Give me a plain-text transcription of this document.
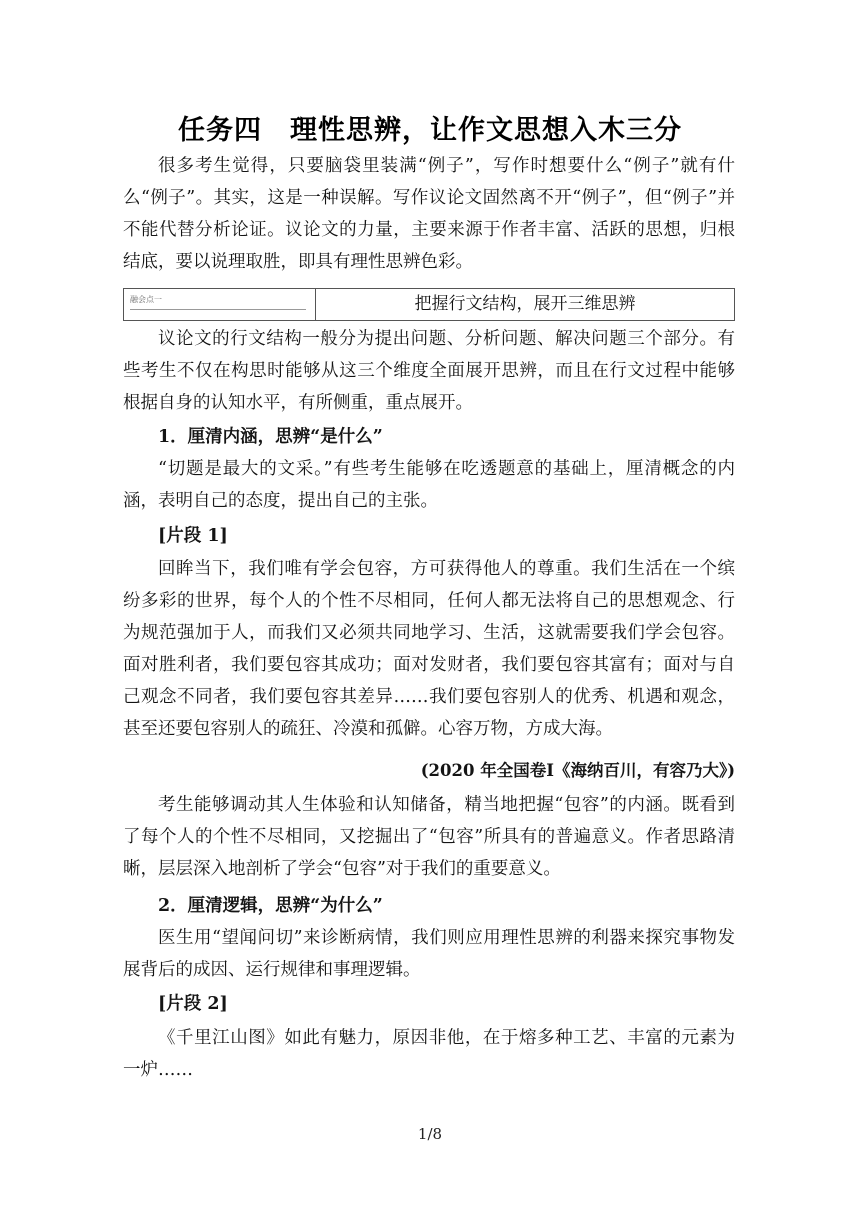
任务四　理性思辨，让作文思想入木三分

很多考生觉得，只要脑袋里装满“例子”，写作时想要什么“例子”就有什么“例子”。其实，这是一种误解。写作议论文固然离不开“例子”，但“例子”并不能代替分析论证。议论文的力量，主要来源于作者丰富、活跃的思想，归根结底，要以说理取胜，即具有理性思辨色彩。

融会点一	把握行文结构，展开三维思辨

议论文的行文结构一般分为提出问题、分析问题、解决问题三个部分。有些考生不仅在构思时能够从这三个维度全面展开思辨，而且在行文过程中能够根据自身的认知水平，有所侧重，重点展开。

1．厘清内涵，思辨“是什么”

“切题是最大的文采。”有些考生能够在吃透题意的基础上，厘清概念的内涵，表明自己的态度，提出自己的主张。

[片段 1]

回眸当下，我们唯有学会包容，方可获得他人的尊重。我们生活在一个缤纷多彩的世界，每个人的个性不尽相同，任何人都无法将自己的思想观念、行为规范强加于人，而我们又必须共同地学习、生活，这就需要我们学会包容。面对胜利者，我们要包容其成功；面对发财者，我们要包容其富有；面对与自己观念不同者，我们要包容其差异……我们要包容别人的优秀、机遇和观念，甚至还要包容别人的疏狂、冷漠和孤僻。心容万物，方成大海。

(2020 年全国卷Ⅰ《海纳百川，有容乃大》)

考生能够调动其人生体验和认知储备，精当地把握“包容”的内涵。既看到了每个人的个性不尽相同，又挖掘出了“包容”所具有的普遍意义。作者思路清晰，层层深入地剖析了学会“包容”对于我们的重要意义。

2．厘清逻辑，思辨“为什么”

医生用“望闻问切”来诊断病情，我们则应用理性思辨的利器来探究事物发展背后的成因、运行规律和事理逻辑。

[片段 2]

《千里江山图》如此有魅力，原因非他，在于熔多种工艺、丰富的元素为一炉……

1/8
